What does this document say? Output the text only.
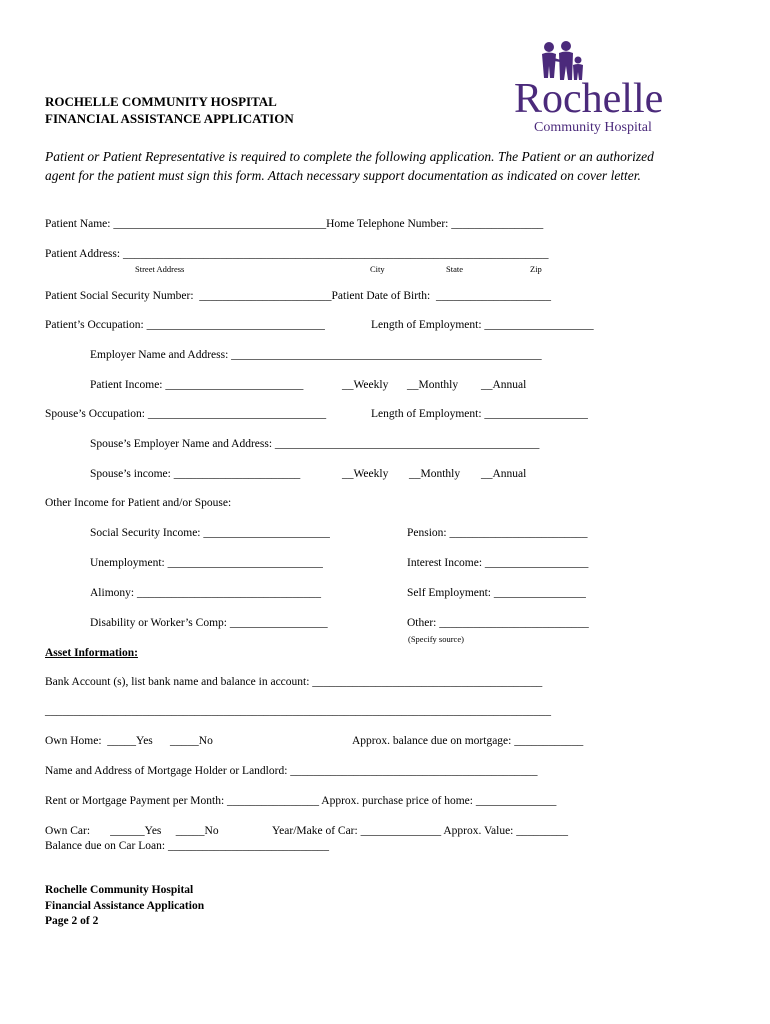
Rochelle
Community Hospital
ROCHELLE COMMUNITY HOSPITAL
FINANCIAL ASSISTANCE APPLICATION
Patient or Patient Representative is required to complete the following application. The Patient or an authorized agent for the patient must sign this form. Attach necessary support documentation as indicated on cover letter.
Patient Name: _____________________________________Home Telephone Number: ________________
Patient Address: __________________________________________________________________________
Street Address	City	State	Zip
Patient Social Security Number:  _______________________Patient Date of Birth:  ____________________
Patient’s Occupation: _______________________________	Length of Employment: ___________________
Employer Name and Address: ______________________________________________________
Patient Income: ________________________	__Weekly __Monthly __Annual
Spouse’s Occupation: _______________________________	Length of Employment: __________________
Spouse’s Employer Name and Address: ______________________________________________
Spouse’s income: ______________________	__Weekly __Monthly __Annual
Other Income for Patient and/or Spouse:
Social Security Income: ______________________	Pension: ________________________
Unemployment: ___________________________	Interest Income: __________________
Alimony: ________________________________	Self Employment: ________________
Disability or Worker’s Comp: _________________	Other: __________________________
(Specify source)
Asset Information:
Bank Account (s), list bank name and balance in account: ________________________________________
________________________________________________________________________________________
Own Home:  _____Yes      _____No	Approx. balance due on mortgage: ____________
Name and Address of Mortgage Holder or Landlord: ___________________________________________
Rent or Mortgage Payment per Month: ________________ Approx. purchase price of home: ______________
Own Car:       ______Yes     _____No	Year/Make of Car: ______________ Approx. Value: _________
Balance due on Car Loan: ____________________________
Rochelle Community Hospital
Financial Assistance Application
Page 2 of 2
